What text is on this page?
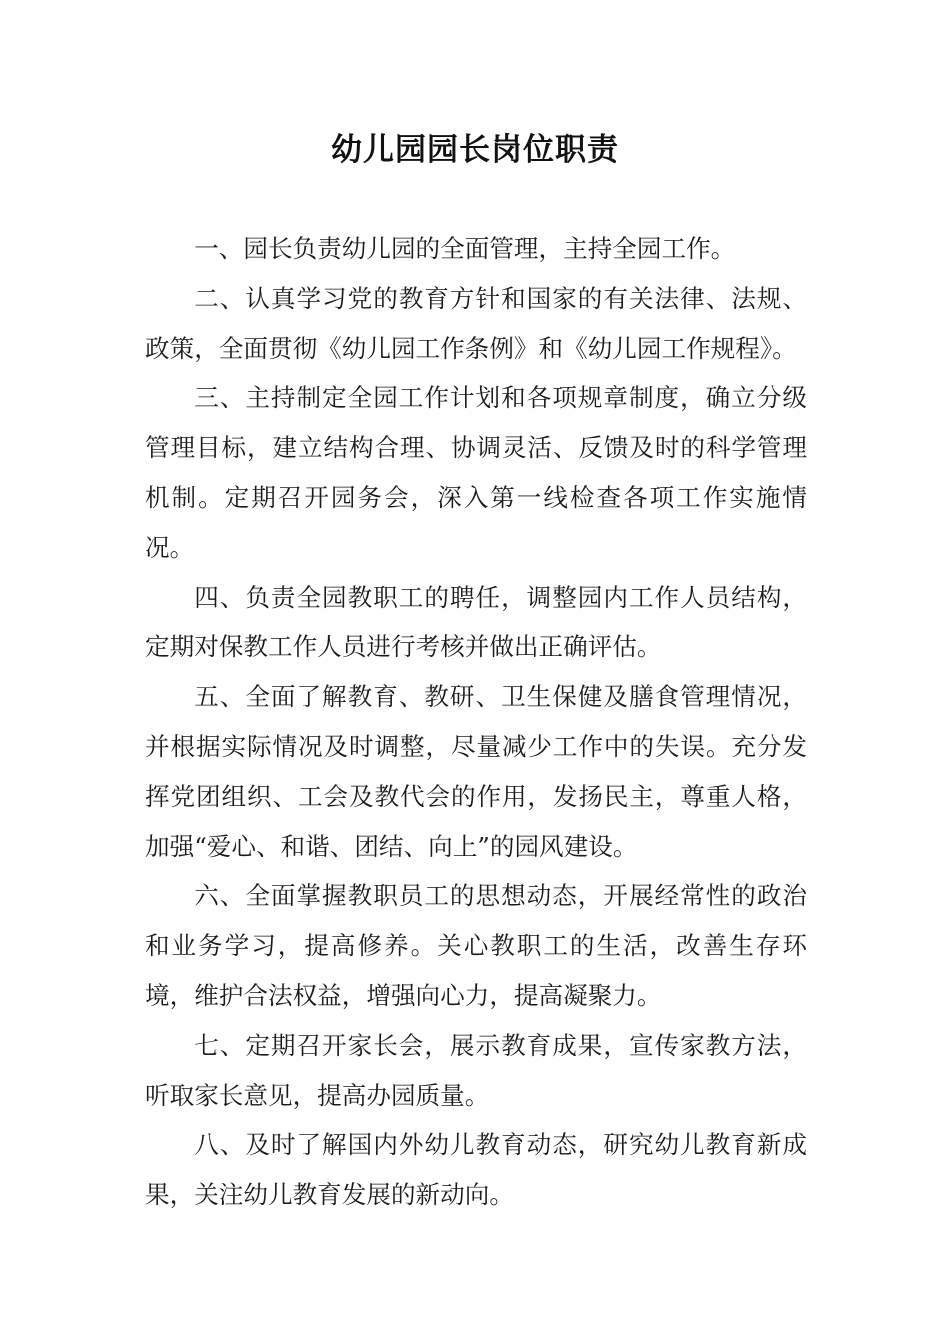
幼儿园园长岗位职责

一、园长负责幼儿园的全面管理，主持全园工作。

二、认真学习党的教育方针和国家的有关法律、法规、政策，全面贯彻《幼儿园工作条例》和《幼儿园工作规程》。

三、主持制定全园工作计划和各项规章制度，确立分级管理目标，建立结构合理、协调灵活、反馈及时的科学管理机制。定期召开园务会，深入第一线检查各项工作实施情况。

四、负责全园教职工的聘任，调整园内工作人员结构，定期对保教工作人员进行考核并做出正确评估。

五、全面了解教育、教研、卫生保健及膳食管理情况，并根据实际情况及时调整，尽量减少工作中的失误。充分发挥党团组织、工会及教代会的作用，发扬民主，尊重人格，加强“爱心、和谐、团结、向上”的园风建设。

六、全面掌握教职员工的思想动态，开展经常性的政治和业务学习，提高修养。关心教职工的生活，改善生存环境，维护合法权益，增强向心力，提高凝聚力。

七、定期召开家长会，展示教育成果，宣传家教方法，听取家长意见，提高办园质量。

八、及时了解国内外幼儿教育动态，研究幼儿教育新成果，关注幼儿教育发展的新动向。
